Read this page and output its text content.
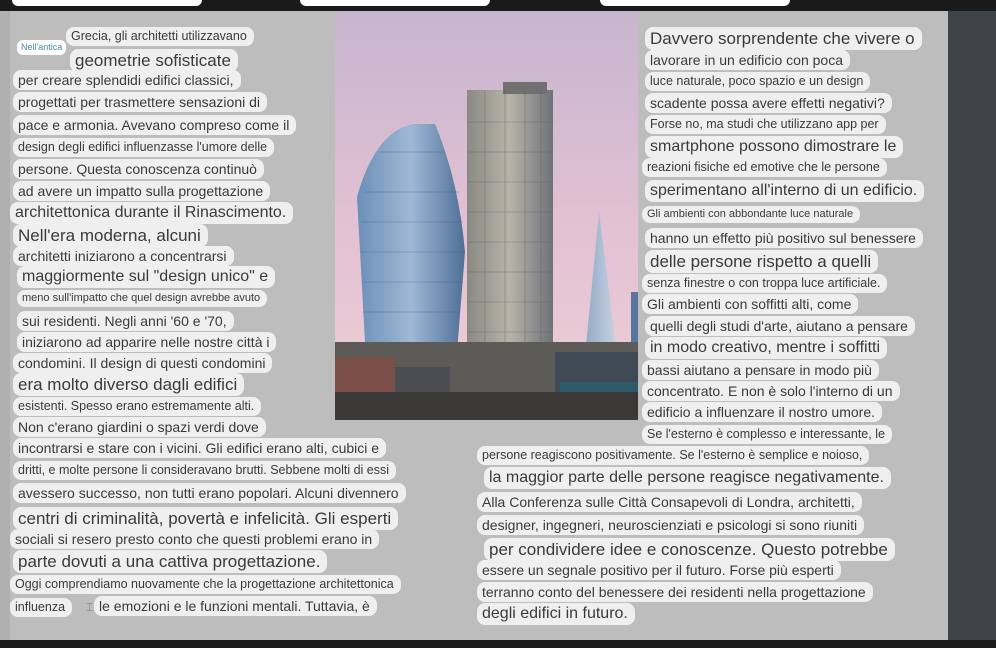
Nell'antica
Grecia, gli architetti utilizzavano
geometrie sofisticate
per creare splendidi edifici classici,
progettati per trasmettere sensazioni di
pace e armonia. Avevano compreso come il
design degli edifici influenzasse l'umore delle
persone. Questa conoscenza continuò
ad avere un impatto sulla progettazione
architettonica durante il Rinascimento.
Nell'era moderna, alcuni
architetti iniziarono a concentrarsi
maggiormente sul "design unico" e
meno sull'impatto che quel design avrebbe avuto
sui residenti. Negli anni '60 e '70,
iniziarono ad apparire nelle nostre città i
condomini. Il design di questi condomini
era molto diverso dagli edifici
esistenti. Spesso erano estremamente alti.
Non c'erano giardini o spazi verdi dove
incontrarsi e stare con i vicini. Gli edifici erano alti, cubici e
dritti, e molte persone li consideravano brutti. Sebbene molti di essi
avessero successo, non tutti erano popolari. Alcuni divennero
centri di criminalità, povertà e infelicità. Gli esperti
sociali si resero presto conto che questi problemi erano in
parte dovuti a una cattiva progettazione.
Oggi comprendiamo nuovamente che la progettazione architettonica
influenza	⌶ le emozioni e le funzioni mentali. Tuttavia, è
Davvero sorprendente che vivere o
lavorare in un edificio con poca
luce naturale, poco spazio e un design
scadente possa avere effetti negativi?
Forse no, ma studi che utilizzano app per
smartphone possono dimostrare le
reazioni fisiche ed emotive che le persone
sperimentano all'interno di un edificio.
Gli ambienti con abbondante luce naturale
hanno un effetto più positivo sul benessere
delle persone rispetto a quelli
senza finestre o con troppa luce artificiale.
Gli ambienti con soffitti alti, come
quelli degli studi d'arte, aiutano a pensare
in modo creativo, mentre i soffitti
bassi aiutano a pensare in modo più
concentrato. E non è solo l'interno di un
edificio a influenzare il nostro umore.
Se l'esterno è complesso e interessante, le
persone reagiscono positivamente. Se l'esterno è semplice e noioso,
la maggior parte delle persone reagisce negativamente.
Alla Conferenza sulle Città Consapevoli di Londra, architetti,
designer, ingegneri, neuroscienziati e psicologi si sono riuniti
per condividere idee e conoscenze. Questo potrebbe
essere un segnale positivo per il futuro. Forse più esperti
terranno conto del benessere dei residenti nella progettazione
degli edifici in futuro.
